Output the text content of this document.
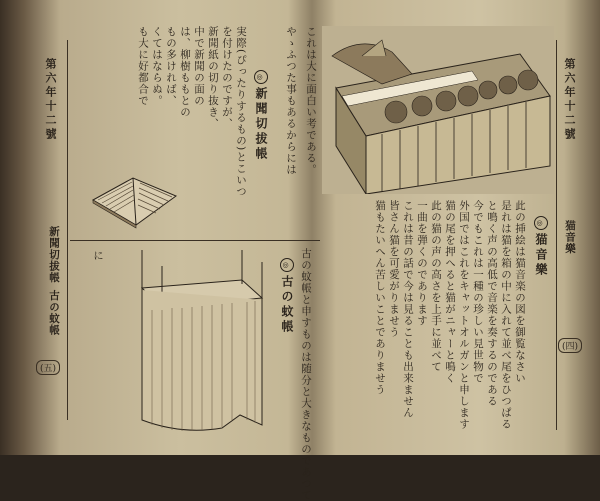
第六年十二號
新聞切拔帳
古の蚊帳
(五)
実際(ぴったりするもの)とこいつ
を付けたのですが、
新聞紙の切り抜き、
中で新聞の面の
は、柳樹ももとの
もの多ければ、
くてはならぬ。
も大に好都合で	◎新聞切拔帳 やゝふつた事もあるからには これは大に面白い考である。
◎古の蚊帳 古の蚊帳と申すものは随分と大きなものであつて
に
第六年十二號
猫音樂
(四)
◎猫音樂
此の挿絵は猫音楽の図を御覧なさい
是れは猫を箱の中に入れて並べ尾をひつぱる
と鳴く声の高低で音楽を奏するのである
今でもこれは一種の珍しい見世物で
外国ではこれをキャットオルガンと申します
猫の尾を押へると猫がニャーと鳴く
此の猫の声の高さを上手に並べて
一曲を弾くのであります
これは昔の話で今は見ることも出来ません
皆さん猫を可愛がりませう
猫もたいへん苦しいことでありませう
